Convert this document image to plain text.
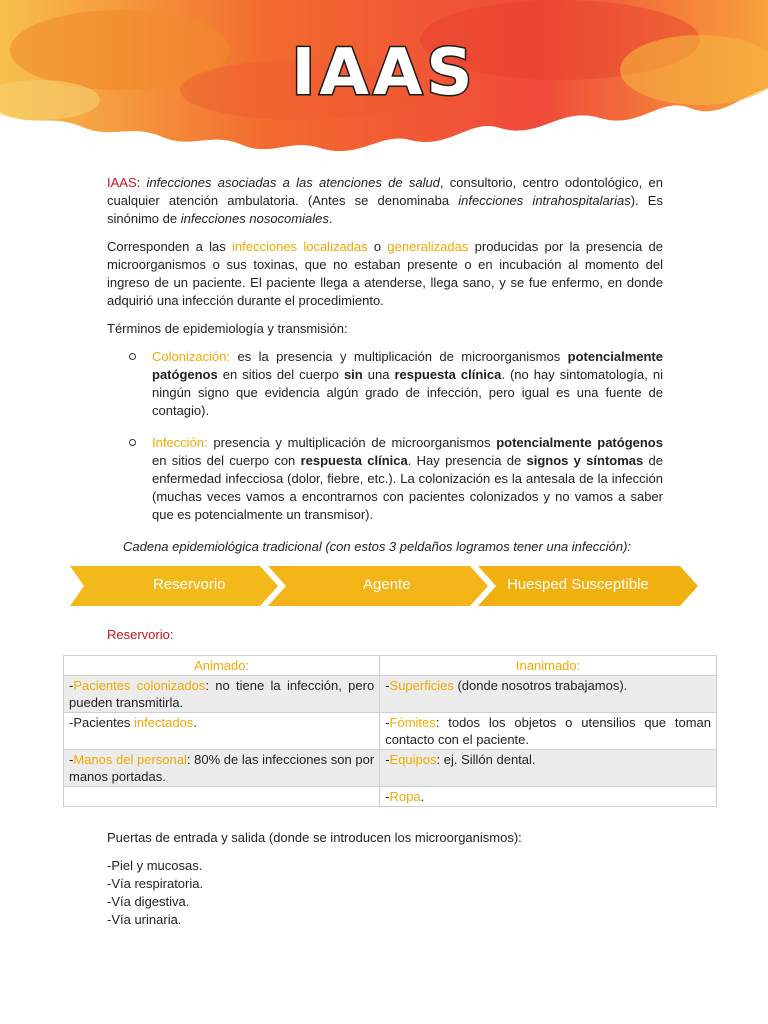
IAAS

IAAS: infecciones asociadas a las atenciones de salud, consultorio, centro odontológico, en cualquier atención ambulatoria. (Antes se denominaba infecciones intrahospitalarias). Es sinónimo de infecciones nosocomiales.

Corresponden a las infecciones localizadas o generalizadas producidas por la presencia de microorganismos o sus toxinas, que no estaban presente o en incubación al momento del ingreso de un paciente. El paciente llega a atenderse, llega sano, y se fue enfermo, en donde adquirió una infección durante el procedimiento.

Términos de epidemiología y transmisión:

Colonización: es la presencia y multiplicación de microorganismos potencialmente patógenos en sitios del cuerpo sin una respuesta clínica. (no hay sintomatología, ni ningún signo que evidencia algún grado de infección, pero igual es una fuente de contagio).
Infección: presencia y multiplicación de microorganismos potencialmente patógenos en sitios del cuerpo con respuesta clínica. Hay presencia de signos y síntomas de enfermedad infecciosa (dolor, fiebre, etc.). La colonización es la antesala de la infección (muchas veces vamos a encontrarnos con pacientes colonizados y no vamos a saber que es potencialmente un transmisor).

Cadena epidemiológica tradicional (con estos 3 peldaños logramos tener una infección):

Reservorio	Agente	Huesped Susceptible
Reservorio:
Animado:	Inanimado:
-Pacientes colonizados: no tiene la infección, pero pueden transmitirla.	-Superficies (donde nosotros trabajamos).
-Pacientes infectados.	-Fómites: todos los objetos o utensilios que toman contacto con el paciente.
-Manos del personal: 80% de las infecciones son por manos portadas.	-Equipos: ej. Sillón dental.
	-Ropa.

Puertas de entrada y salida (donde se introducen los microorganismos):

-Piel y mucosas.
-Vía respiratoria.
-Vía digestiva.
-Vía urinaria.
